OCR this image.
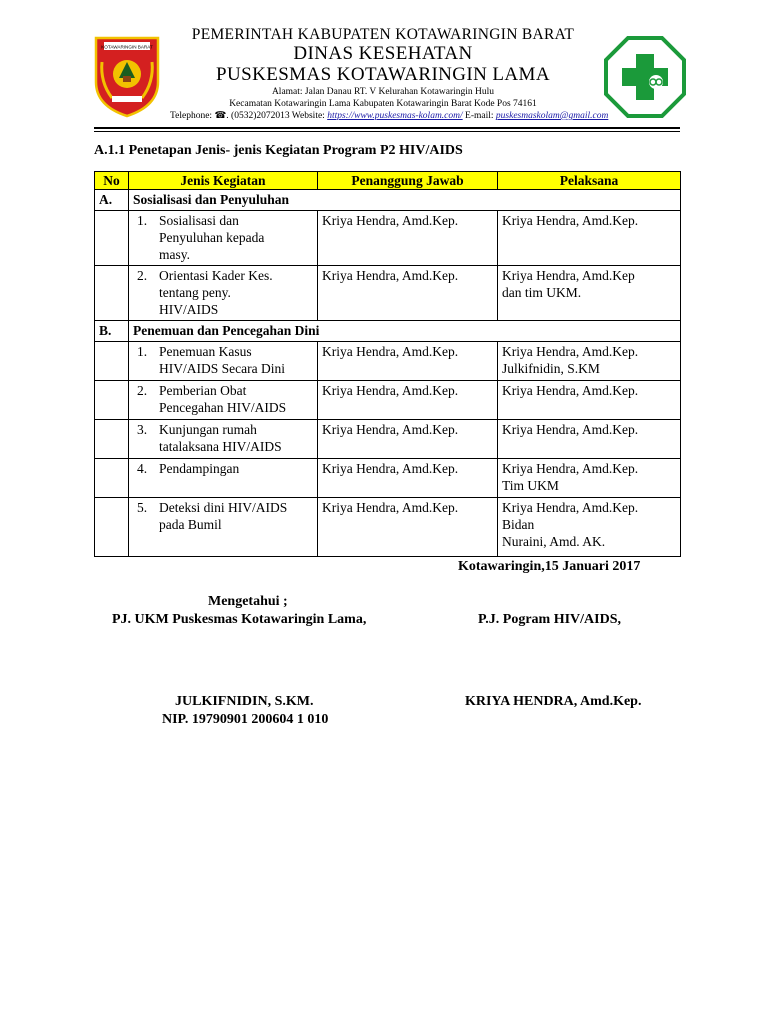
KOTAWARINGIN BARAT
PEMERINTAH KABUPATEN KOTAWARINGIN BARAT
DINAS KESEHATAN
PUSKESMAS KOTAWARINGIN LAMA
Alamat: Jalan Danau RT. V Kelurahan Kotawaringin Hulu
Kecamatan Kotawaringin Lama Kabupaten Kotawaringin Barat Kode Pos 74161
Telephone: ☎. (0532)2072013 Website: https://www.puskesmas-kolam.com/ E-mail: puskesmaskolam@gmail.com
A.1.1 Penetapan Jenis- jenis Kegiatan Program P2 HIV/AIDS
No	Jenis Kegiatan	Penanggung Jawab	Pelaksana
A.	Sosialisasi dan Penyuluhan		

	1. Sosialisasi dan
Penyuluhan kepada
masy.	Kriya Hendra, Amd.Kep.	Kriya Hendra, Amd.Kep.

	2. Orientasi Kader Kes.
tentang peny.
HIV/AIDS	Kriya Hendra, Amd.Kep.	Kriya Hendra, Amd.Kep
dan tim UKM.
B.	Penemuan dan Pencegahan Dini		

	1. Penemuan Kasus
HIV/AIDS Secara Dini	Kriya Hendra, Amd.Kep.	Kriya Hendra, Amd.Kep.
Julkifnidin, S.KM

	2. Pemberian Obat
Pencegahan HIV/AIDS	Kriya Hendra, Amd.Kep.	Kriya Hendra, Amd.Kep.

	3. Kunjungan rumah
tatalaksana HIV/AIDS	Kriya Hendra, Amd.Kep.	Kriya Hendra, Amd.Kep.

	4. Pendampingan	Kriya Hendra, Amd.Kep.	Kriya Hendra, Amd.Kep.
Tim UKM

	5. Deteksi dini HIV/AIDS
pada Bumil	Kriya Hendra, Amd.Kep.	Kriya Hendra, Amd.Kep.
Bidan
Nuraini, Amd. AK.
Kotawaringin,15 Januari 2017
Mengetahui ;
PJ. UKM Puskesmas Kotawaringin Lama,	P.J. Pogram HIV/AIDS,
JULKIFNIDIN, S.KM.
NIP. 19790901 200604 1 010
KRIYA HENDRA, Amd.Kep.
